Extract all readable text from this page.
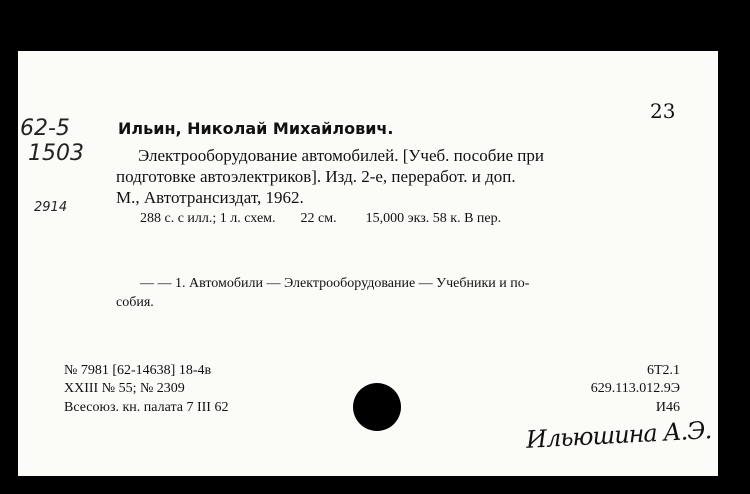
23
62-5
1503
2914
Ильин, Николай Михайлович.
Электрооборудование автомобилей. [Учеб. пособие при
подготовке автоэлектриков]. Изд. 2-е, переработ. и доп.
М., Автотрансиздат, 1962.
288 с. с илл.; 1 л. схем. 22 см. 15,000 экз. 58 к. В пер.
— — 1. Автомобили — Электрооборудование — Учебники и по-
собия.
№ 7981 [62-14638] 18-4в
XXIII № 55; № 2309
Всесоюз. кн. палата 7 III 62
6Т2.1
629.113.012.9Э
И46
Ильюшина А.Э.
